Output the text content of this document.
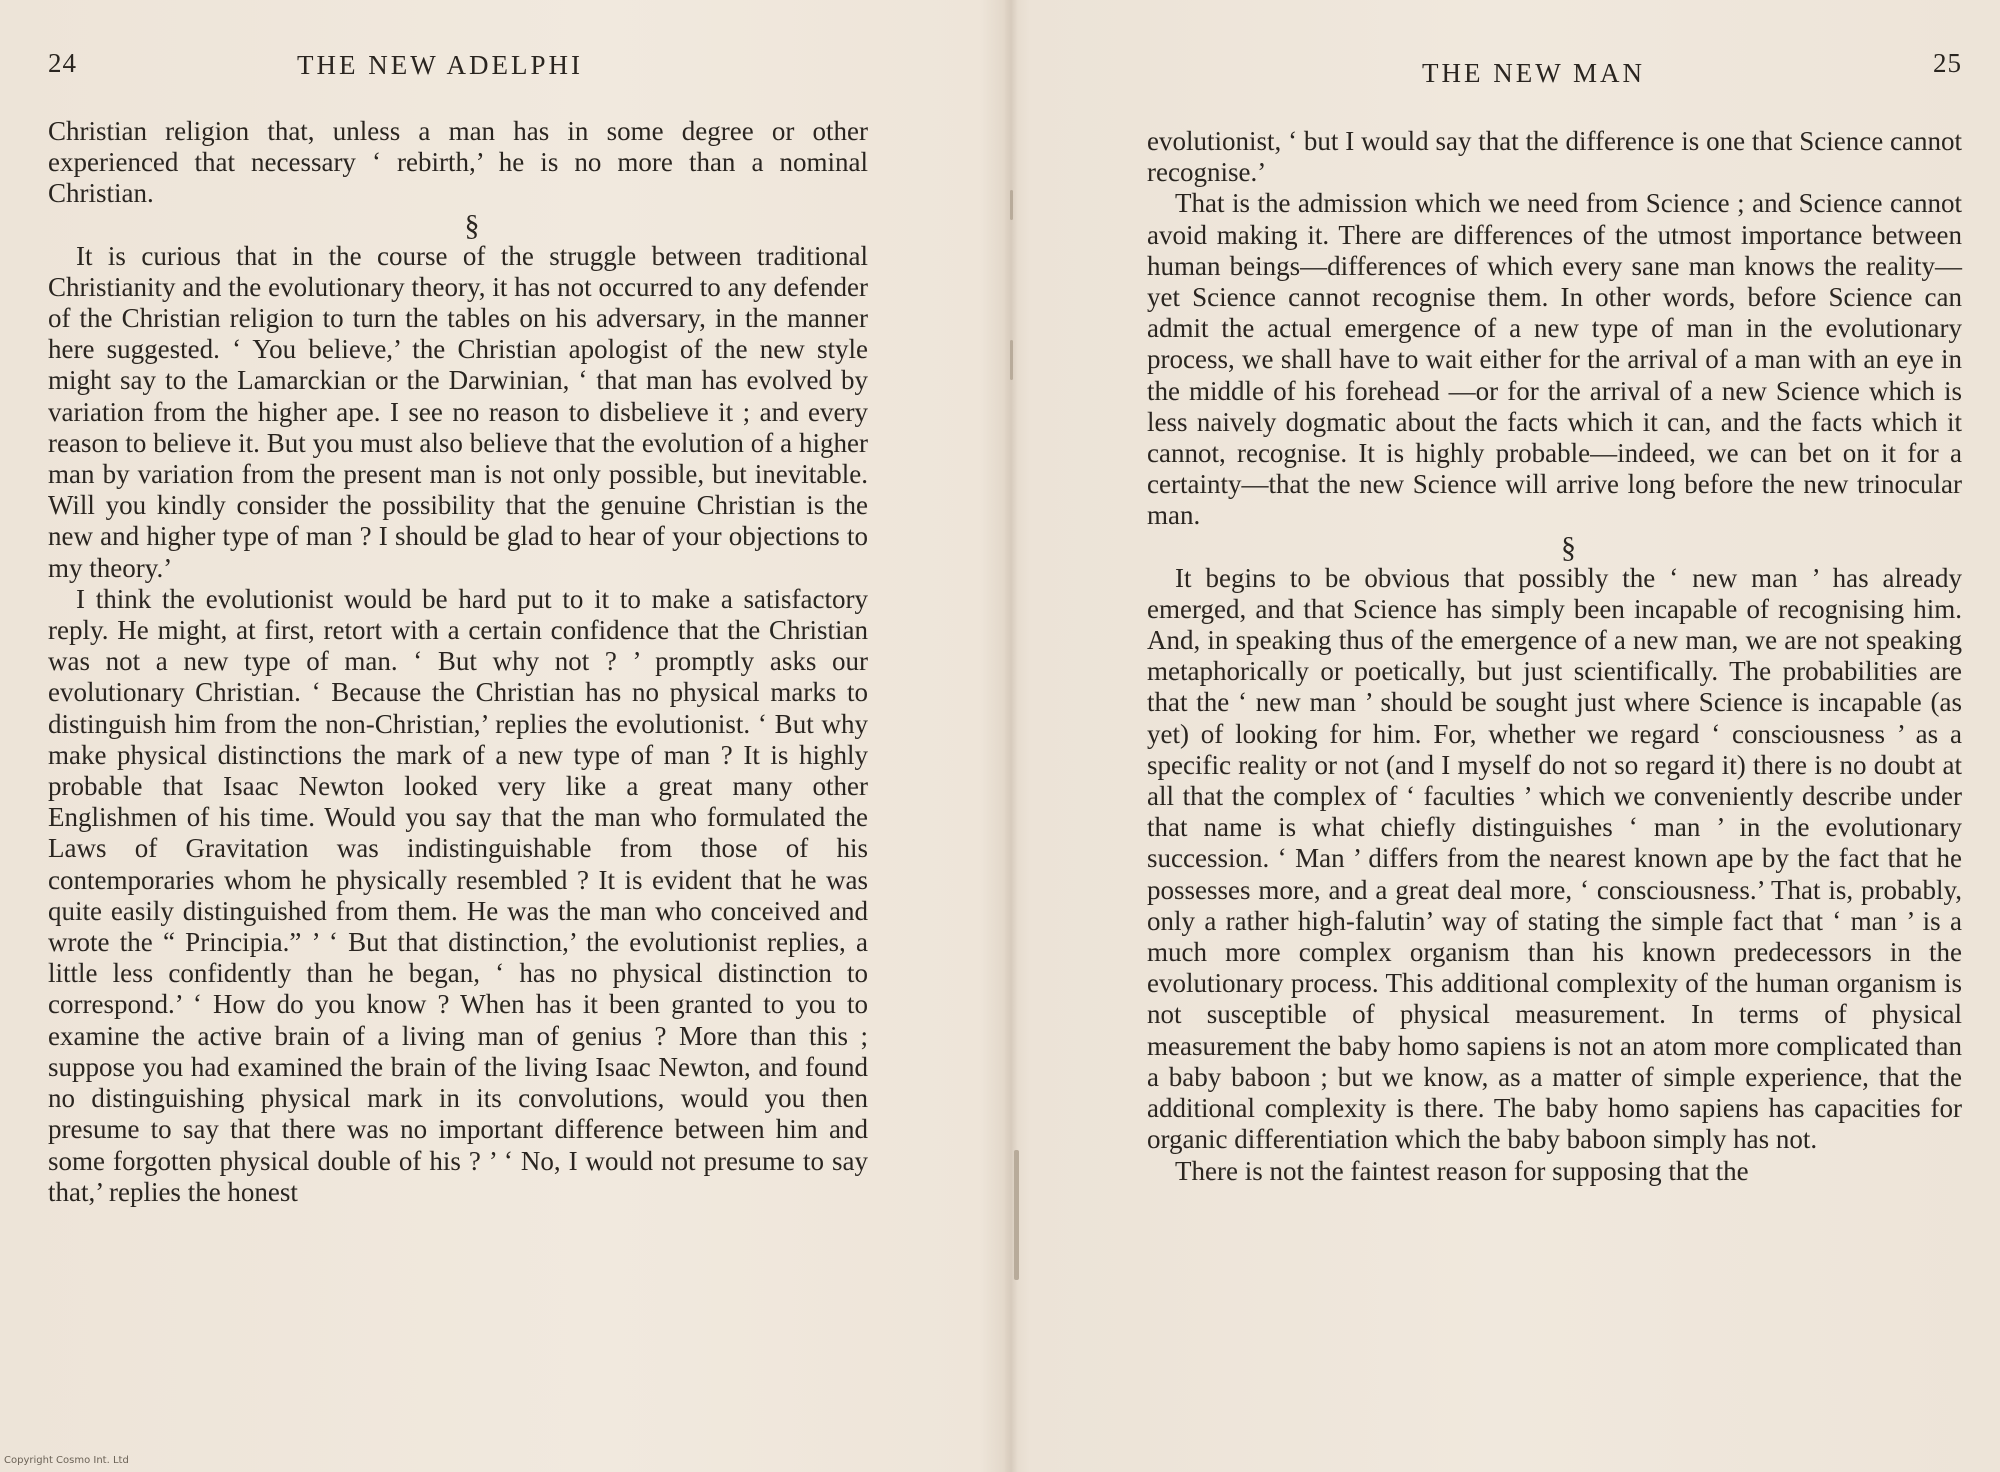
24	THE NEW ADELPHI

Christian religion that, unless a man has in some degree or other experienced that necessary ‘ rebirth,’ he is no more than a nominal Christian.

§

It is curious that in the course of the struggle between traditional Christianity and the evolutionary theory, it has not occurred to any defender of the Christian religion to turn the tables on his adversary, in the manner here suggested. ‘ You believe,’ the Christian apologist of the new style might say to the Lamarckian or the Darwinian, ‘ that man has evolved by variation from the higher ape. I see no reason to disbelieve it ; and every reason to believe it. But you must also believe that the evolution of a higher man by variation from the present man is not only possible, but inevitable. Will you kindly consider the possibility that the genuine Christian is the new and higher type of man ? I should be glad to hear of your objections to my theory.’

I think the evolutionist would be hard put to it to make a satisfactory reply. He might, at first, retort with a certain confidence that the Christian was not a new type of man. ‘ But why not ? ’ promptly asks our evolutionary Christian. ‘ Because the Christian has no physical marks to distinguish him from the non-Christian,’ replies the evolutionist. ‘ But why make physical distinctions the mark of a new type of man ? It is highly probable that Isaac Newton looked very like a great many other Englishmen of his time. Would you say that the man who formulated the Laws of Gravitation was indistinguishable from those of his contemporaries whom he physically resembled ? It is evident that he was quite easily distinguished from them. He was the man who conceived and wrote the “ Principia.” ’ ‘ But that distinction,’ the evolutionist replies, a little less confidently than he began, ‘ has no physical distinction to correspond.’ ‘ How do you know ? When has it been granted to you to examine the active brain of a living man of genius ? More than this ; suppose you had examined the brain of the living Isaac Newton, and found no distinguishing physical mark in its convolutions, would you then presume to say that there was no important difference between him and some forgotten physical double of his ? ’ ‘ No, I would not presume to say that,’ replies the honest

THE NEW MAN	25

evolutionist, ‘ but I would say that the difference is one that Science cannot recognise.’

That is the admission which we need from Science ; and Science cannot avoid making it. There are differences of the utmost importance between human beings—differences of which every sane man knows the reality—yet Science cannot recognise them. In other words, before Science can admit the actual emergence of a new type of man in the evolutionary process, we shall have to wait either for the arrival of a man with an eye in the middle of his forehead —or for the arrival of a new Science which is less naively dogmatic about the facts which it can, and the facts which it cannot, recognise. It is highly probable—indeed, we can bet on it for a certainty—that the new Science will arrive long before the new trinocular man.

§

It begins to be obvious that possibly the ‘ new man ’ has already emerged, and that Science has simply been incapable of recognising him. And, in speaking thus of the emergence of a new man, we are not speaking metaphorically or poetically, but just scientifically. The probabilities are that the ‘ new man ’ should be sought just where Science is incapable (as yet) of looking for him. For, whether we regard ‘ consciousness ’ as a specific reality or not (and I myself do not so regard it) there is no doubt at all that the complex of ‘ faculties ’ which we conveniently describe under that name is what chiefly distinguishes ‘ man ’ in the evolutionary succession. ‘ Man ’ differs from the nearest known ape by the fact that he possesses more, and a great deal more, ‘ consciousness.’ That is, probably, only a rather high-falutin’ way of stating the simple fact that ‘ man ’ is a much more complex organism than his known predecessors in the evolutionary process. This additional complexity of the human organism is not susceptible of physical measurement. In terms of physical measurement the baby homo sapiens is not an atom more complicated than a baby baboon ; but we know, as a matter of simple experience, that the additional complexity is there. The baby homo sapiens has capacities for organic differentiation which the baby baboon simply has not.

There is not the faintest reason for supposing that the

Copyright Cosmo Int. Ltd
